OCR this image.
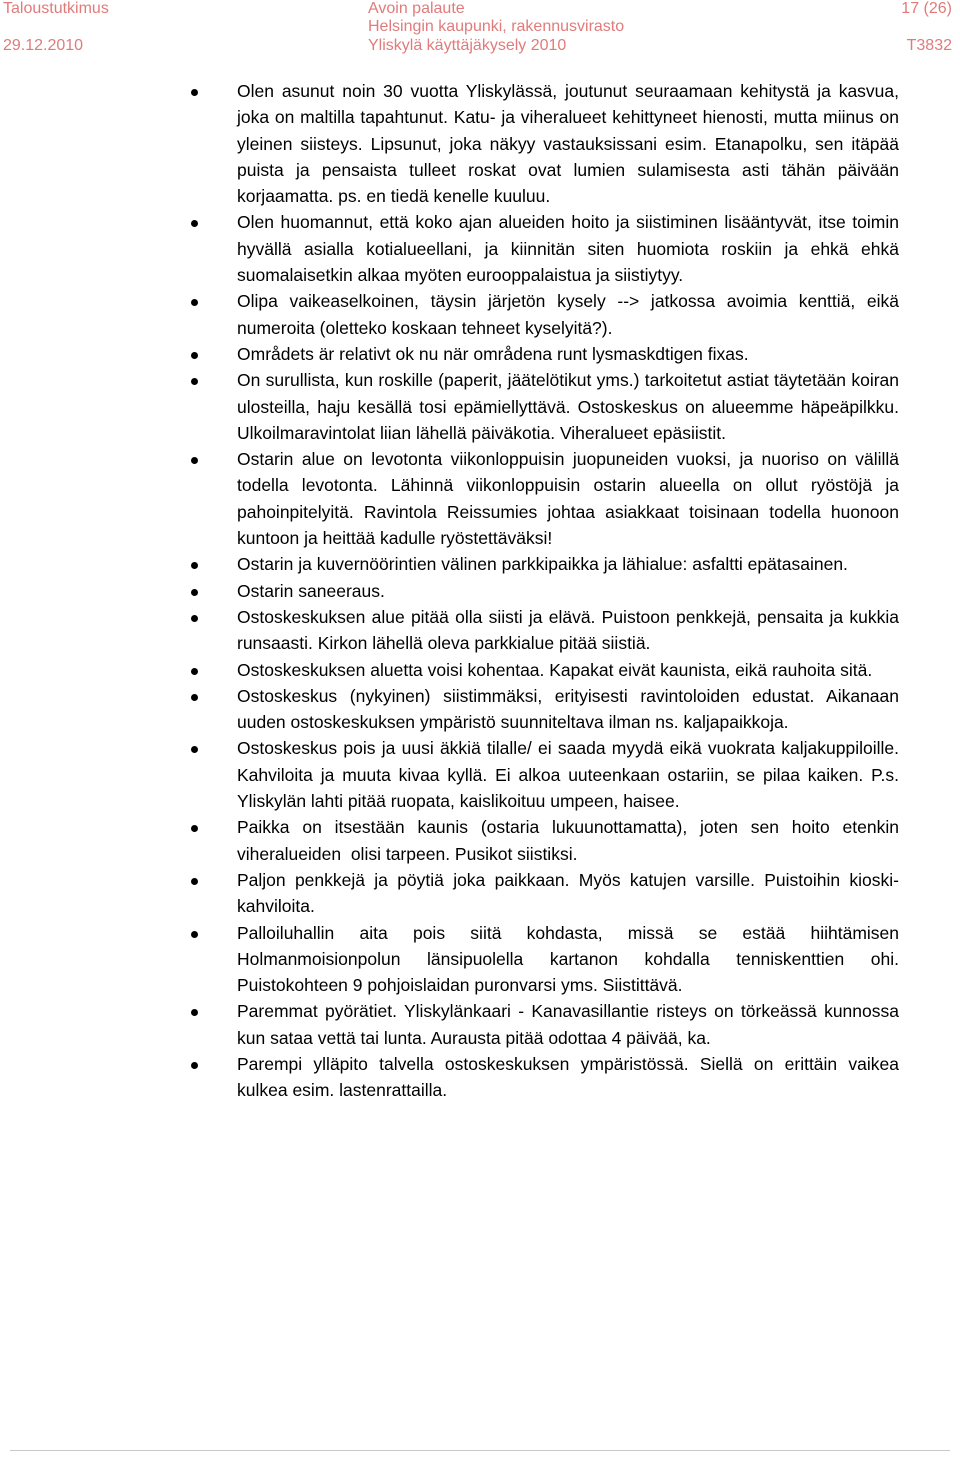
Taloustutkimus
29.12.2010
Avoin palaute
Helsingin kaupunki, rakennusvirasto
Yliskylä käyttäjäkysely 2010
17 (26)
T3832
Olen asunut noin 30 vuotta Yliskylässä, joutunut seuraamaan kehitystä ja kasvua, joka on maltilla tapahtunut. Katu- ja viheralueet kehittyneet hienosti, mutta miinus on yleinen siisteys. Lipsunut, joka näkyy vastauksissani esim. Etanapolku, sen itäpää puista ja pensaista tulleet roskat ovat lumien sulamisesta asti tähän päivään korjaamatta. ps. en tiedä kenelle kuuluu.
Olen huomannut, että koko ajan alueiden hoito ja siistiminen lisääntyvät, itse toimin hyvällä asialla kotialueellani, ja kiinnitän siten huomiota roskiin ja ehkä ehkä suomalaisetkin alkaa myöten eurooppalaistua ja siistiytyy.
Olipa vaikeaselkoinen, täysin järjetön kysely --> jatkossa avoimia kenttiä, eikä numeroita (oletteko koskaan tehneet kyselyitä?).
Områdets är relativt ok nu när områdena runt lysmaskdtigen fixas.
On surullista, kun roskille (paperit, jäätelötikut yms.) tarkoitetut astiat täytetään koiran ulosteilla, haju kesällä tosi epämiellyttävä. Ostoskeskus on alueemme häpeäpilkku. Ulkoilmaravintolat liian lähellä päiväkotia. Viheralueet epäsiistit.
Ostarin alue on levotonta viikonloppuisin juopuneiden vuoksi, ja nuoriso on välillä todella levotonta. Lähinnä viikonloppuisin ostarin alueella on ollut ryöstöjä ja pahoinpitelyitä. Ravintola Reissumies johtaa asiakkaat toisinaan todella huonoon kuntoon ja heittää kadulle ryöstettäväksi!
Ostarin ja kuvernöörintien välinen parkkipaikka ja lähialue: asfaltti epätasainen.
Ostarin saneeraus.
Ostoskeskuksen alue pitää olla siisti ja elävä. Puistoon penkkejä, pensaita ja kukkia runsaasti. Kirkon lähellä oleva parkkialue pitää siistiä.
Ostoskeskuksen aluetta voisi kohentaa. Kapakat eivät kaunista, eikä rauhoita sitä.
Ostoskeskus (nykyinen) siistimmäksi, erityisesti ravintoloiden edustat. Aikanaan uuden ostoskeskuksen ympäristö suunniteltava ilman ns. kaljapaikkoja.
Ostoskeskus pois ja uusi äkkiä tilalle/ ei saada myydä eikä vuokrata kaljakuppiloille. Kahviloita ja muuta kivaa kyllä. Ei alkoa uuteenkaan ostariin, se pilaa kaiken. P.s. Yliskylän lahti pitää ruopata, kaislikoituu umpeen, haisee.
Paikka on itsestään kaunis (ostaria lukuunottamatta), joten sen hoito etenkin viheralueiden  olisi tarpeen. Pusikot siistiksi.
Paljon penkkejä ja pöytiä joka paikkaan. Myös katujen varsille. Puistoihin kioski-kahviloita.
Palloiluhallin aita pois siitä kohdasta, missä se estää hiihtämisen Holmanmoisionpolun länsipuolella kartanon kohdalla tenniskenttien ohi. Puistokohteen 9 pohjoislaidan puronvarsi yms. Siistittävä.
Paremmat pyörätiet. Yliskylänkaari - Kanavasillantie risteys on törkeässä kunnossa kun sataa vettä tai lunta. Aurausta pitää odottaa 4 päivää, ka.
Parempi ylläpito talvella ostoskeskuksen ympäristössä. Siellä on erittäin vaikea kulkea esim. lastenrattailla.
